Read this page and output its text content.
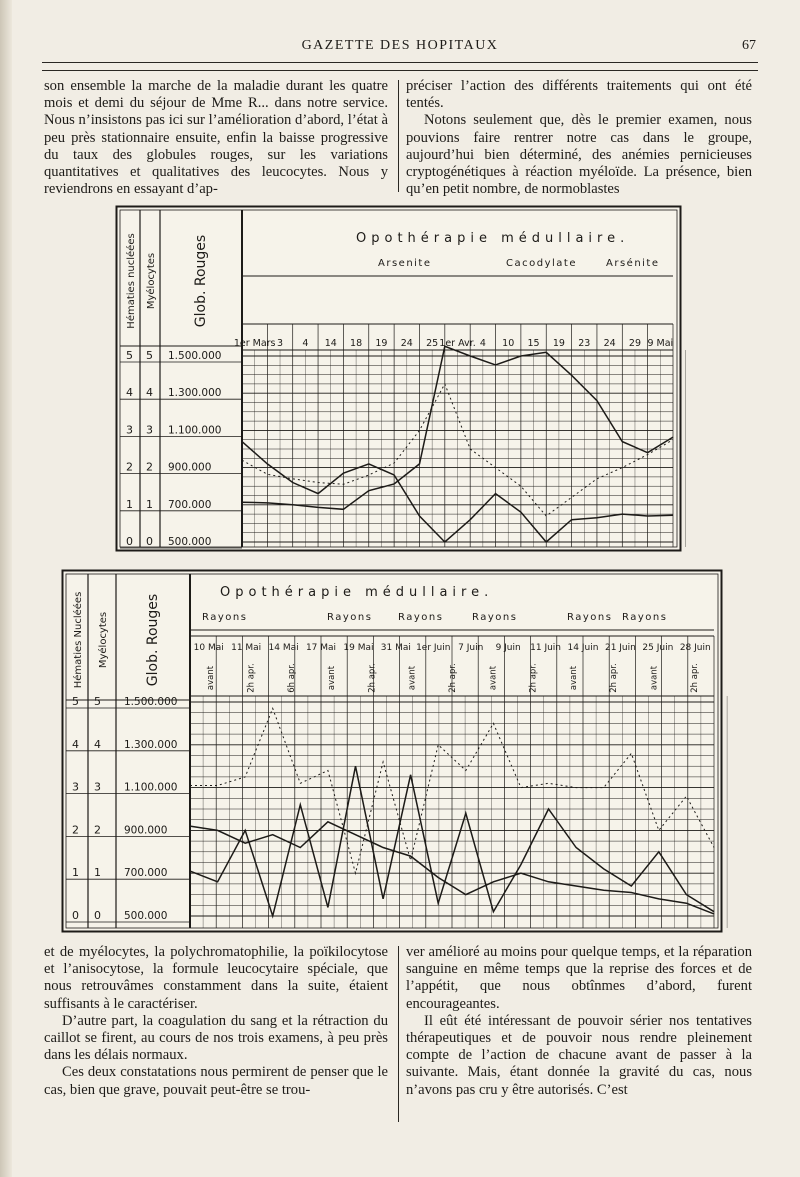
GAZETTE DES HOPITAUX	67

son ensemble la marche de la maladie durant les quatre mois et demi du séjour de Mme R... dans notre service. Nous n’insistons pas ici sur l’amélioration d’abord, l’état à peu près stationnaire ensuite, enfin la baisse progressive du taux des globules rouges, sur les variations quantitatives et qualitatives des leucocytes. Nous y reviendrons en essayant d’ap-

préciser l’action des différents traitements qui ont été tentés.

Notons seulement que, dès le premier examen, nous pouvions faire rentrer notre cas dans le groupe, aujourd’hui bien déterminé, des anémies pernicieuses cryptogénétiques à réaction myéloïde. La présence, bien qu’en petit nombre, de normoblastes

Hématies nucléées Myélocytes	Glob. Rouges
5 5 1.500.000
4 4 1.300.000
3 3 1.100.000
2 2 900.000
1 1 700.000
0 0 500.000
Opothérapie médullaire.
Arsenite	Cacodylate	Arsénite
1er Mars 3 4 14 18 19 24 25 1er Avr. 4 10 15 19 23 24 29 9 Mai
Hématies Nucléées Myélocytes	Glob. Rouges
5 5 1.500.000
4 4 1.300.000
3 3 1.100.000
2 2 900.000
1 1 700.000
0 0 500.000
Opothérapie médullaire.
Rayons	Rayons	Rayons	Rayons	Rayons Rayons
10 Mai 11 Mai 14 Mai 17 Mai 19 Mai 31 Mai 1er Juin 7 Juin 9 Juin 11 Juin 14 Juin 21 Juin 25 Juin 28 Juin
avant	2h apr.	6h apr.	avant	2h apr.	avant	2h apr.	avant	2h apr.	avant	2h apr.	avant	2h apr.

et de myélocytes, la polychromatophilie, la poïkilocytose et l’anisocytose, la formule leucocytaire spéciale, que nous retrouvâmes constamment dans la suite, étaient suffisants à le caractériser.

D’autre part, la coagulation du sang et la rétraction du caillot se firent, au cours de nos trois examens, à peu près dans les délais normaux.

Ces deux constatations nous permirent de penser que le cas, bien que grave, pouvait peut-être se trou-

ver amélioré au moins pour quelque temps, et la réparation sanguine en même temps que la reprise des forces et de l’appétit, que nous obtînmes d’abord, furent encourageantes.

Il eût été intéressant de pouvoir sérier nos tentatives thérapeutiques et de pouvoir nous rendre pleinement compte de l’action de chacune avant de passer à la suivante. Mais, étant donnée la gravité du cas, nous n’avons pas cru y être autorisés. C’est
